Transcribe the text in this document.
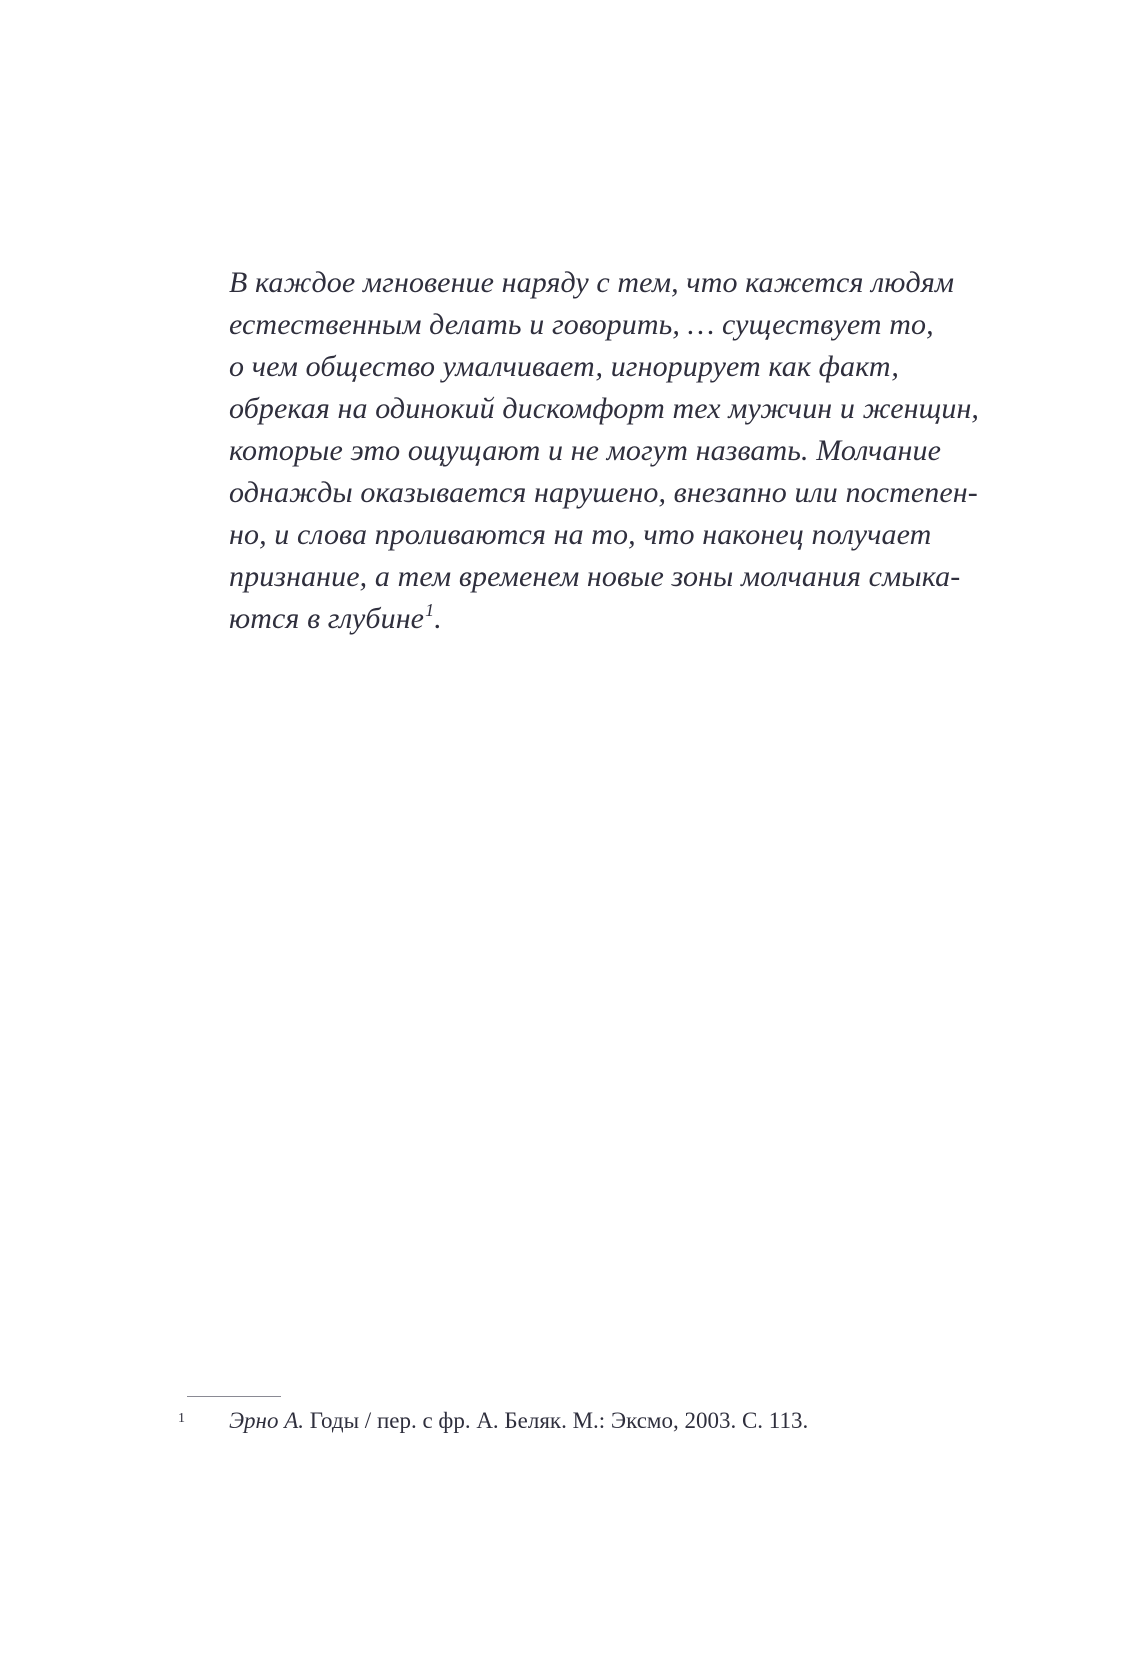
В каждое мгновение наряду с тем, что кажется людям

естественным делать и говорить, … существует то,

о чем общество умалчивает, игнорирует как факт,

обрекая на одинокий дискомфорт тех мужчин и женщин,

которые это ощущают и не могут назвать. Молчание

однажды оказывается нарушено, внезапно или постепен-

но, и слова проливаются на то, что наконец получает

признание, а тем временем новые зоны молчания смыка-

ются в глубине$^1$.

1 Эрно А. Годы / пер. с фр. А. Беляк. М.: Эксмо, 2003. С. 113.
